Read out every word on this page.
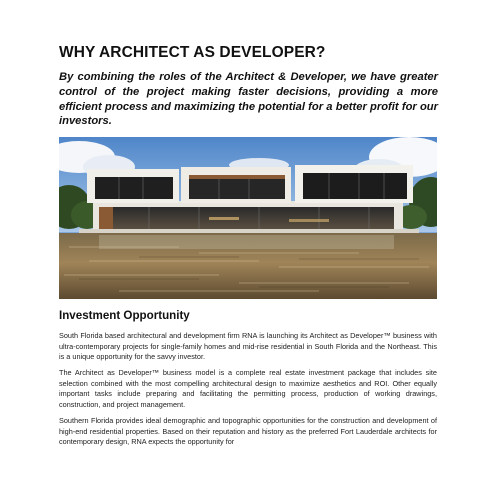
WHY ARCHITECT AS DEVELOPER?
By combining the roles of the Architect & Developer, we have greater control of the project making faster decisions, providing a more efficient process and maximizing the potential for a better profit for our investors.
Investment Opportunity

South Florida based architectural and development firm RNA is launching its Architect as Developer™ business with ultra-contemporary projects for single-family homes and mid-rise residential in South Florida and the Northeast. This is a unique opportunity for the savvy investor.

The Architect as Developer™ business model is a complete real estate investment package that includes site selection combined with the most compelling architectural design to maximize aesthetics and ROI. Other equally important tasks include preparing and facilitating the permitting process, production of working drawings, construction, and project management.

Southern Florida provides ideal demographic and topographic opportunities for the construction and development of high-end residential properties. Based on their reputation and history as the preferred Fort Lauderdale architects for contemporary design, RNA expects the opportunity for
